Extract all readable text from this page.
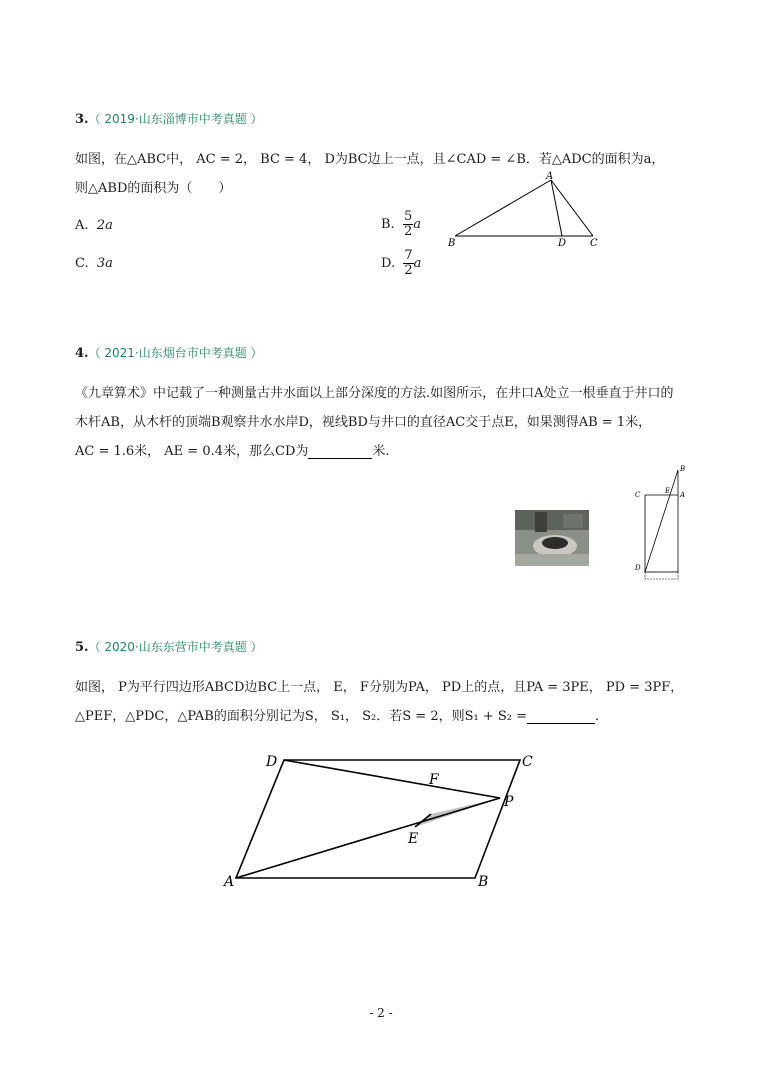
3.（ 2019·山东淄博市中考真题 ）
如图，在△ABC中， AC = 2， BC = 4， D为BC边上一点，且∠CAD = ∠B．若△ADC的面积为a，
则△ABD的面积为（　　）
A. 2a	B. $\frac{5}{2}$ a
C. 3a	D. $\frac{7}{2}$ a
A
B	D C
4.（ 2021·山东烟台市中考真题 ）
《九章算术》中记载了一种测量古井水面以上部分深度的方法.如图所示，在井口A处立一根垂直于井口的
木杆AB，从木杆的顶端B观察井水水岸D，视线BD与井口的直径AC交于点E，如果测得AB = 1米，
AC = 1.6米， AE = 0.4米，那么CD为	米.
B
C	E A
D
5.（ 2020·山东东营市中考真题 ）
如图， P为平行四边形ABCD边BC上一点， E， F分别为PA， PD上的点，且PA = 3PE， PD = 3PF，
△PEF，△PDC，△PAB的面积分别记为S， S₁， S₂．若S = 2，则S₁ + S₂ =	.
D	C
F
P
E
A	B
- 2 -
